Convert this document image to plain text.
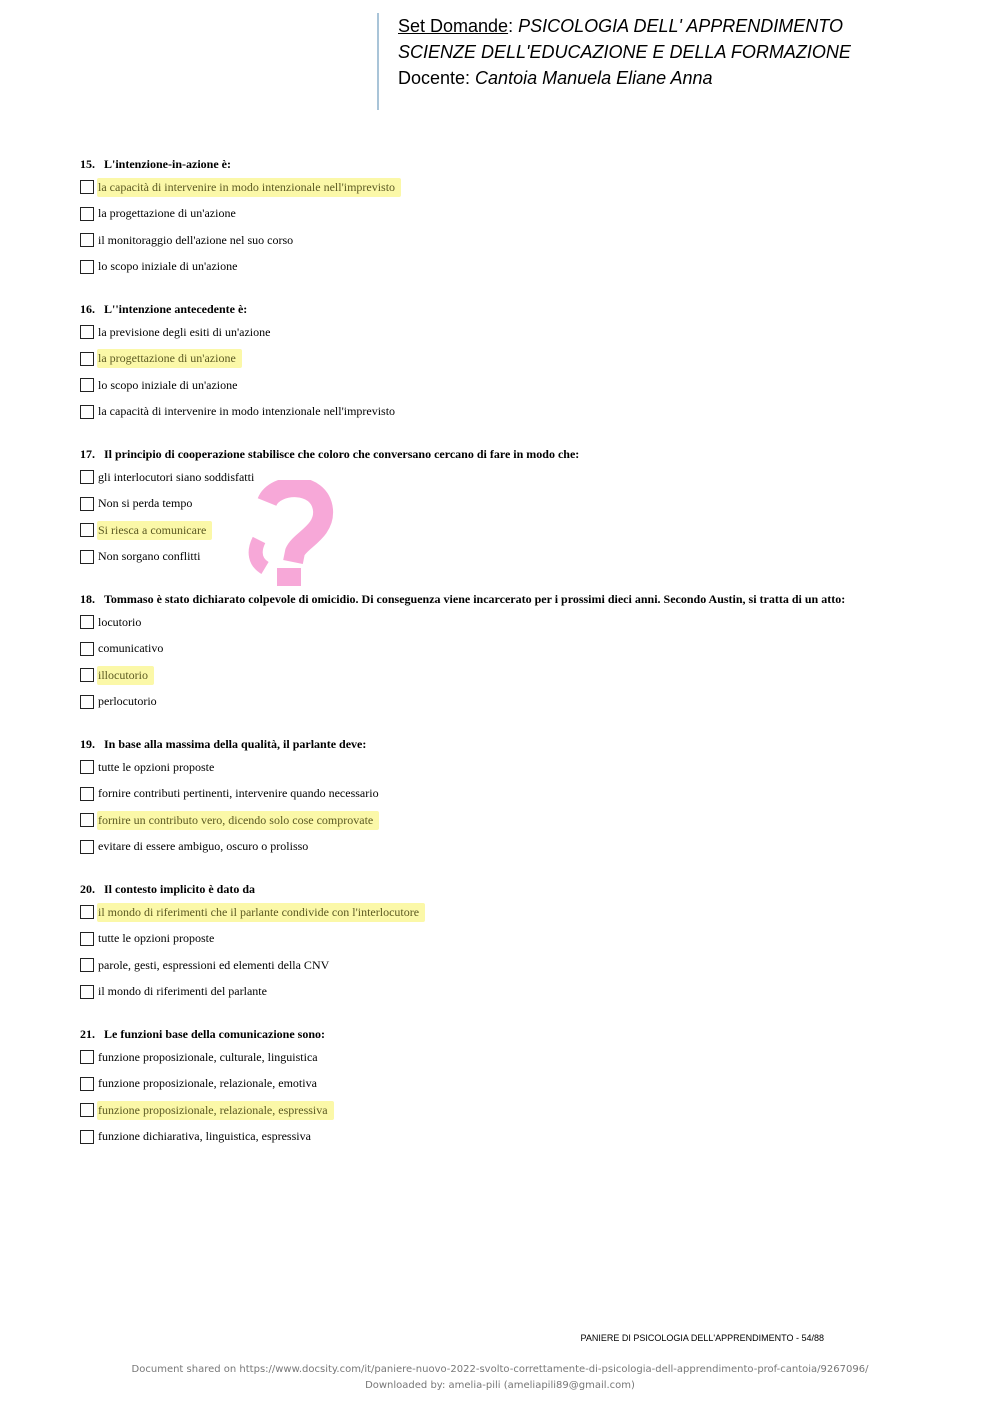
Set Domande: PSICOLOGIA DELL' APPRENDIMENTO
SCIENZE DELL'EDUCAZIONE E DELLA FORMAZIONE
Docente: Cantoia Manuela Eliane Anna
15. L'intenzione-in-azione è:
la capacità di intervenire in modo intenzionale nell'imprevisto
la progettazione di un'azione
il monitoraggio dell'azione nel suo corso
lo scopo iniziale di un'azione
16. L''intenzione antecedente è:
la previsione degli esiti di un'azione
la progettazione di un'azione
lo scopo iniziale di un'azione
la capacità di intervenire in modo intenzionale nell'imprevisto
17. Il principio di cooperazione stabilisce che coloro che conversano cercano di fare in modo che:
gli interlocutori siano soddisfatti
Non si perda tempo
Si riesca a comunicare
Non sorgano conflitti
18. Tommaso è stato dichiarato colpevole di omicidio. Di conseguenza viene incarcerato per i prossimi dieci anni. Secondo Austin, si tratta di un atto:
locutorio
comunicativo
illocutorio
perlocutorio
19. In base alla massima della qualità, il parlante deve:
tutte le opzioni proposte
fornire contributi pertinenti, intervenire quando necessario
fornire un contributo vero, dicendo solo cose comprovate
evitare di essere ambiguo, oscuro o prolisso
20. Il contesto implicito è dato da
il mondo di riferimenti che il parlante condivide con l'interlocutore
tutte le opzioni proposte
parole, gesti, espressioni ed elementi della CNV
il mondo di riferimenti del parlante
21. Le funzioni base della comunicazione sono:
funzione proposizionale, culturale, linguistica
funzione proposizionale, relazionale, emotiva
funzione proposizionale, relazionale, espressiva
funzione dichiarativa, linguistica, espressiva
PANIERE DI PSICOLOGIA DELL'APPRENDIMENTO - 54/88
Document shared on https://www.docsity.com/it/paniere-nuovo-2022-svolto-correttamente-di-psicologia-dell-apprendimento-prof-cantoia/9267096/
Downloaded by: amelia-pili (ameliapili89@gmail.com)
